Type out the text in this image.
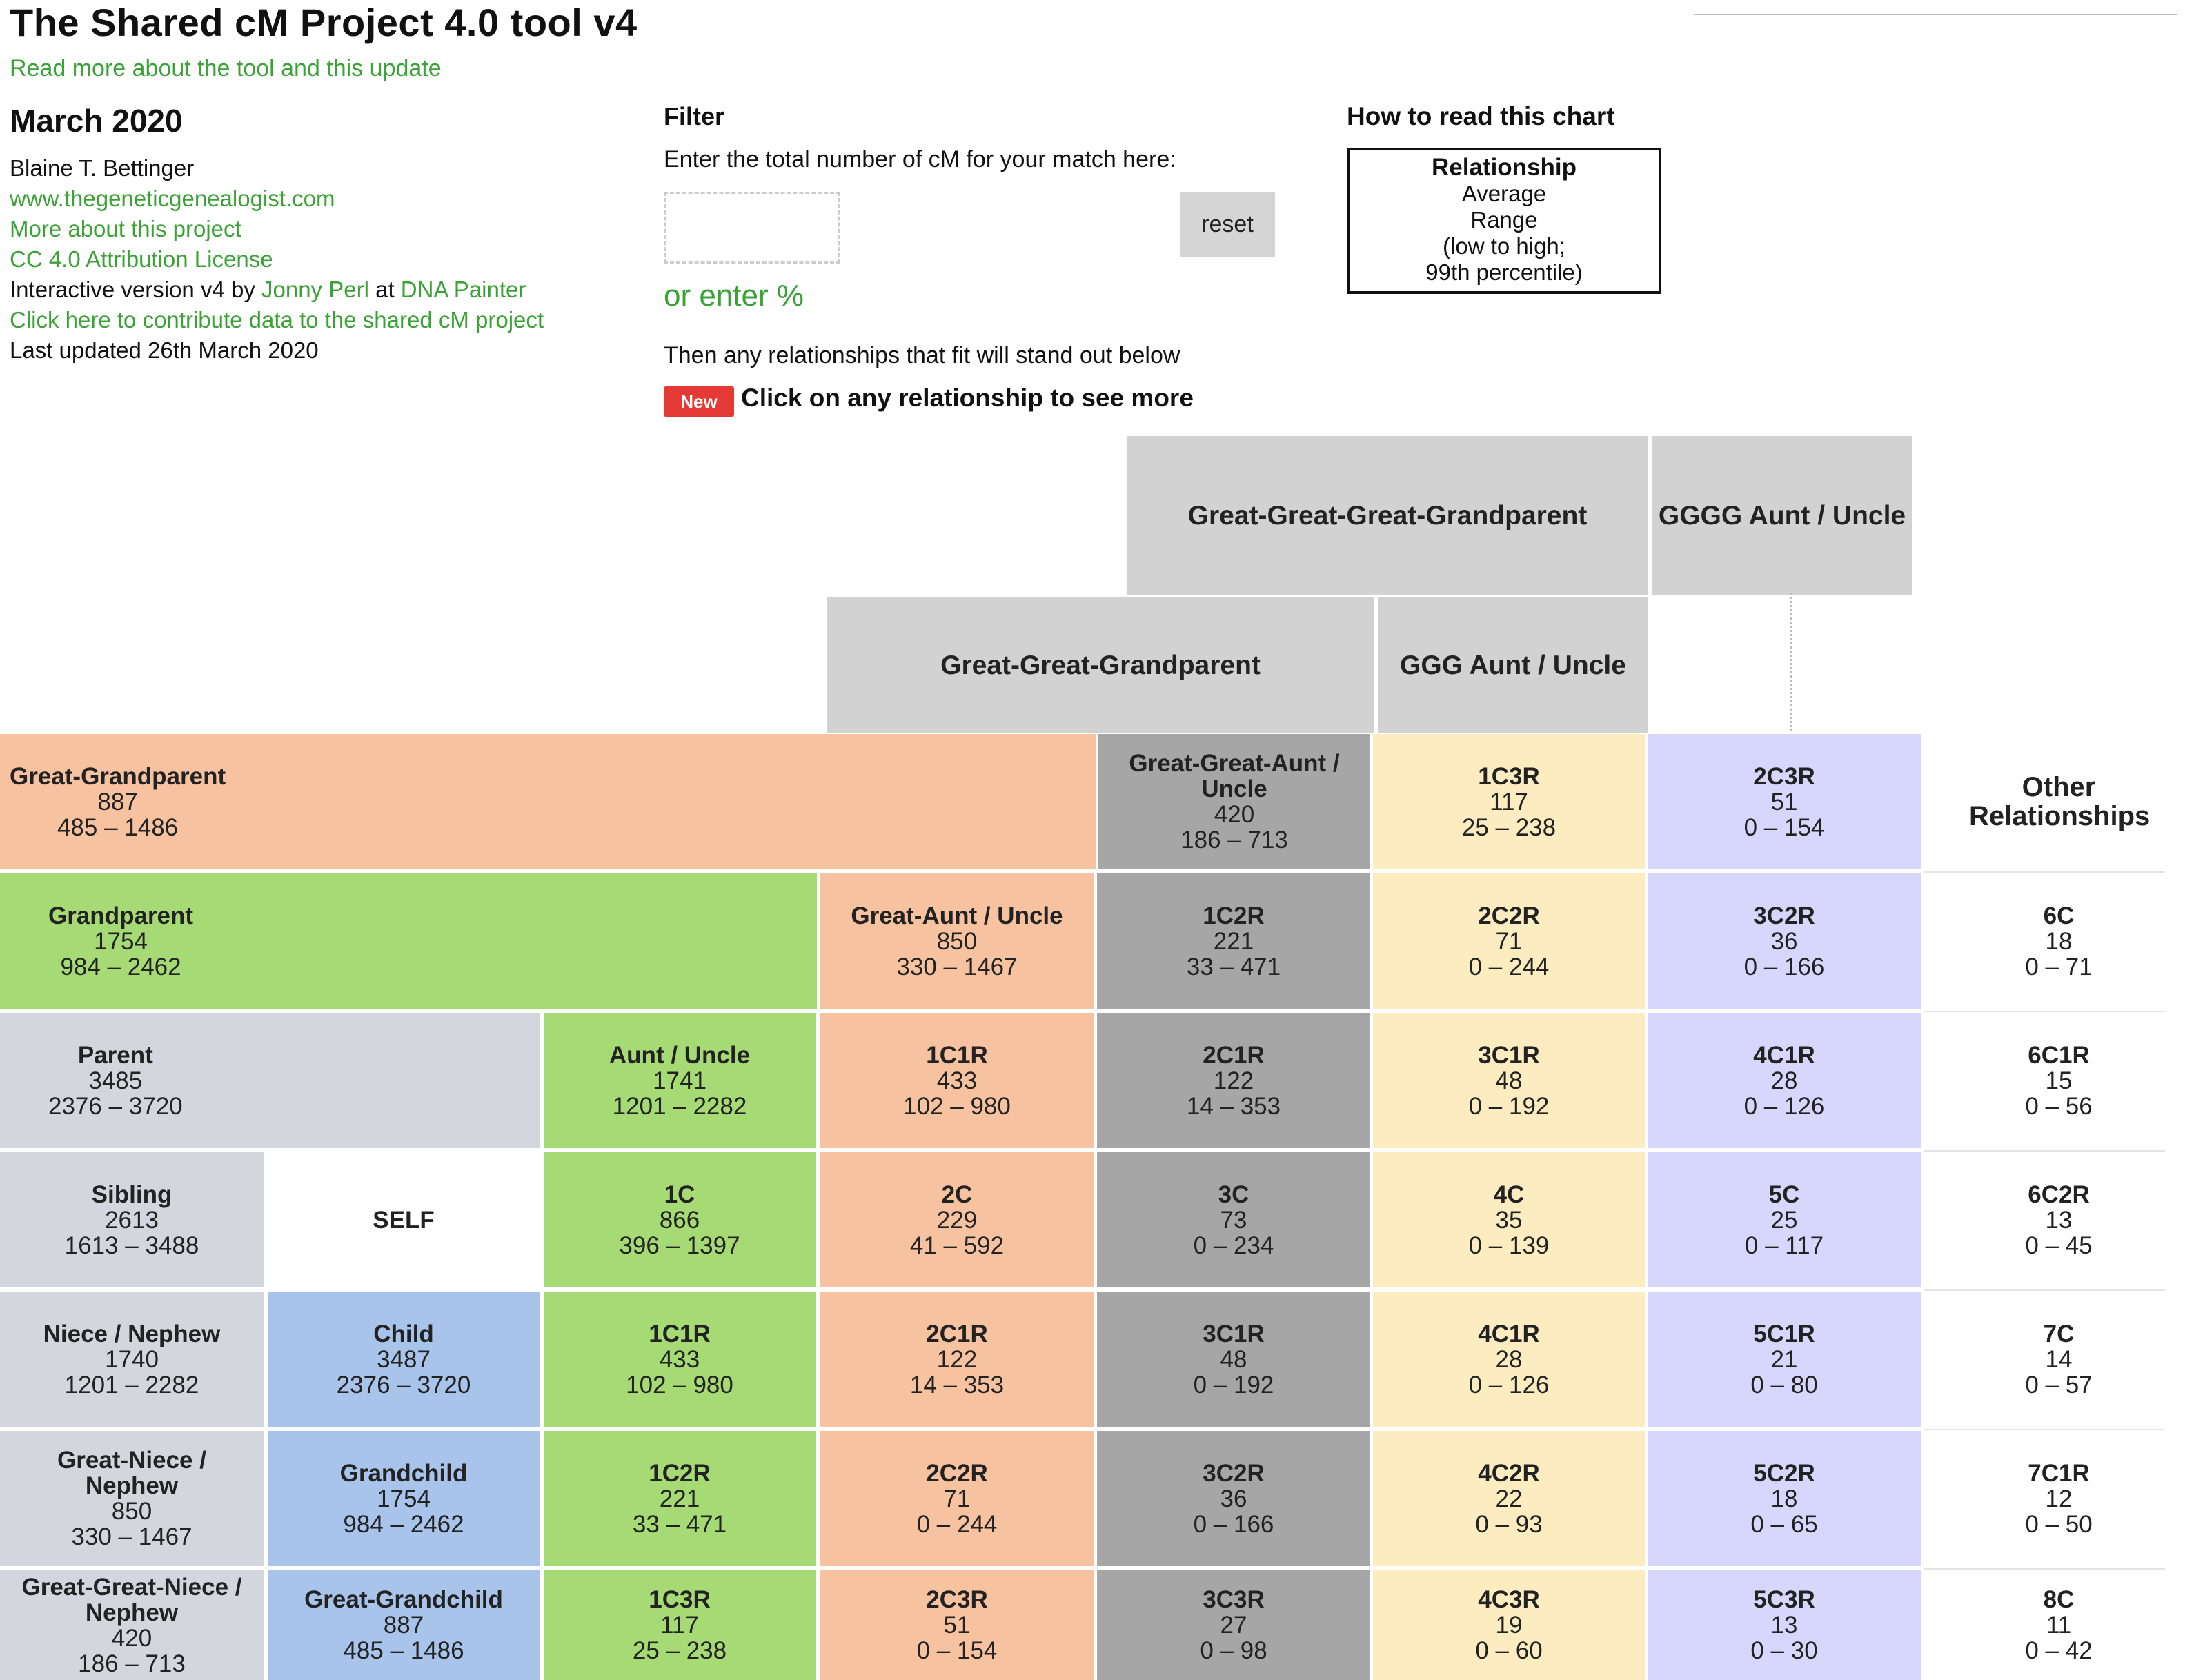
The Shared cM Project 4.0 tool v4
Read more about the tool and this update
March 2020
Blaine T. Bettinger
www.thegeneticgenealogist.com
More about this project
CC 4.0 Attribution License
Interactive version v4 by Jonny Perl at DNA Painter
Click here to contribute data to the shared cM project
Last updated 26th March 2020
Filter
Enter the total number of cM for your match here:
reset
or enter %
Then any relationships that fit will stand out below
New Click on any relationship to see more
How to read this chart
Relationship
Average
Range
(low to high;
99th percentile)
Great-Great-Great-Grandparent	GGGG Aunt / Uncle
Great-Great-Grandparent	GGG Aunt / Uncle
Great-Grandparent
887
485 – 1486
Great-Great-Aunt / Uncle
420
186 – 713
1C3R
117
25 – 238
2C3R
51
0 – 154
Other Relationships
Grandparent
1754
984 – 2462
Great-Aunt / Uncle
850
330 – 1467
1C2R
221
33 – 471
2C2R
71
0 – 244
3C2R
36
0 – 166
6C
18
0 – 71
Parent
3485
2376 – 3720
Aunt / Uncle
1741
1201 – 2282
1C1R
433
102 – 980
2C1R
122
14 – 353
3C1R
48
0 – 192
4C1R
28
0 – 126
6C1R
15
0 – 56
Sibling
2613
1613 – 3488
SELF
1C
866
396 – 1397
2C
229
41 – 592
3C
73
0 – 234
4C
35
0 – 139
5C
25
0 – 117
6C2R
13
0 – 45
Niece / Nephew
1740
1201 – 2282
Child
3487
2376 – 3720
1C1R
433
102 – 980
2C1R
122
14 – 353
3C1R
48
0 – 192
4C1R
28
0 – 126
5C1R
21
0 – 80
7C
14
0 – 57
Great-Niece / Nephew
850
330 – 1467
Grandchild
1754
984 – 2462
1C2R
221
33 – 471
2C2R
71
0 – 244
3C2R
36
0 – 166
4C2R
22
0 – 93
5C2R
18
0 – 65
7C1R
12
0 – 50
Great-Great-Niece / Nephew
420
186 – 713
Great-Grandchild
887
485 – 1486
1C3R
117
25 – 238
2C3R
51
0 – 154
3C3R
27
0 – 98
4C3R
19
0 – 60
5C3R
13
0 – 30
8C
11
0 – 42
